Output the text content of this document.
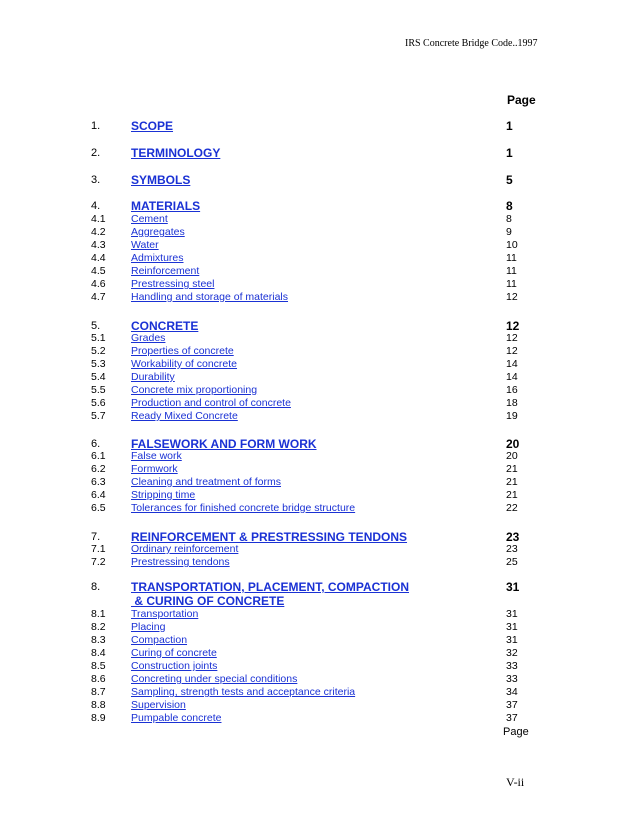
IRS Concrete Bridge Code..1997
Page
1.	SCOPE	1
2.	TERMINOLOGY	1
3.	SYMBOLS	5
4.	MATERIALS	8
4.1 Cement	8
4.2 Aggregates	9
4.3 Water	10
4.4 Admixtures	11
4.5 Reinforcement	11
4.6 Prestressing steel	11
4.7 Handling and storage of materials	12
5.	CONCRETE	12
5.1 Grades	12
5.2 Properties of concrete	12
5.3 Workability of concrete	14
5.4 Durability	14
5.5 Concrete mix proportioning	16
5.6 Production and control of concrete	18
5.7 Ready Mixed Concrete	19
6.	FALSEWORK AND FORM WORK	20
6.1 False work	20
6.2 Formwork	21
6.3 Cleaning and treatment of forms	21
6.4 Stripping time	21
6.5 Tolerances for finished concrete bridge structure	22
7.	REINFORCEMENT & PRESTRESSING TENDONS	23
7.1 Ordinary reinforcement	23
7.2 Prestressing tendons	25
8.	TRANSPORTATION, PLACEMENT, COMPACTION	31
& CURING OF CONCRETE
8.1 Transportation	31
8.2 Placing	31
8.3 Compaction	31
8.4 Curing of concrete	32
8.5 Construction joints	33
8.6 Concreting under special conditions	33
8.7 Sampling, strength tests and acceptance criteria	34
8.8 Supervision	37
8.9 Pumpable concrete	37
Page
V-ii
